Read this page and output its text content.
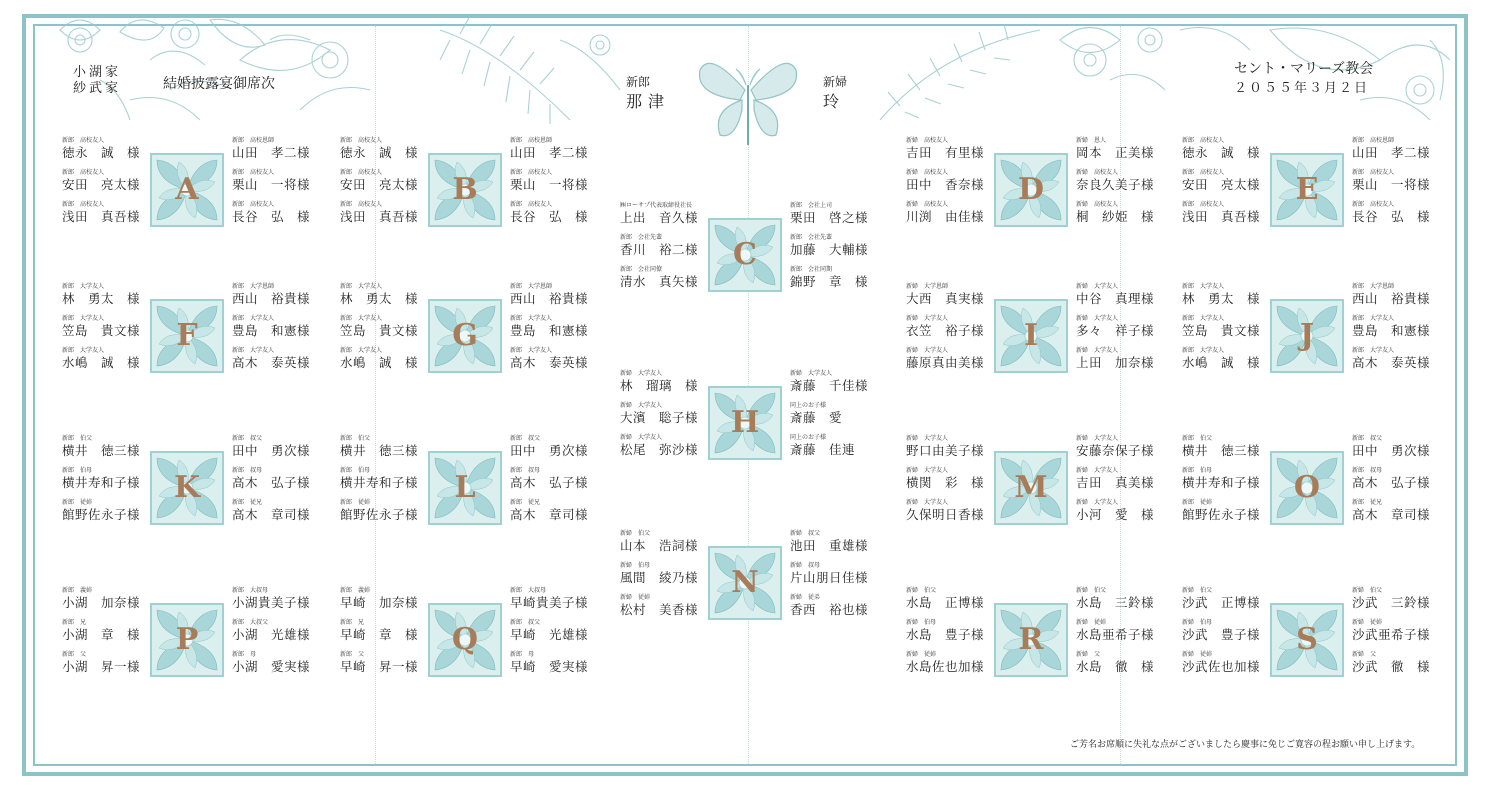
小湖家
紗武家	結婚披露宴御席次	新郎
那津
新婦
玲
セント・マリーズ教会
２０５５年３月２日
新郎　高校友人
徳永　誠　様
新郎　高校友人
安田　亮太様
新郎　高校友人
浅田　真吾様
新郎　高校恩師
山田　孝二様
新郎　高校友人
栗山　一将様
新郎　高校友人
長谷　弘　様
A
新郎　高校友人
徳永　誠　様
新郎　高校友人
安田　亮太様
新郎　高校友人
浅田　真吾様
新郎　高校恩師
山田　孝二様
新郎　高校友人
栗山　一将様
新郎　高校友人
長谷　弘　様
B	㈱ローサプ代表取締役社長
上出　音久様
新郎　会社先輩
香川　裕二様
新郎　会社同僚
清水　真矢様
新郎　会社上司
栗田　啓之様
新郎　会社先輩
加藤　大輔様
新郎　会社同期
錦野　章　様
C
新婦　高校友人
吉田　有里様
新婦　高校友人
田中　香奈様
新婦　高校友人
川渕　由佳様
新婦　恩人
岡本　正美様
新婦　高校友人
奈良久美子様
新婦　高校友人
桐　紗姫　様
D
新郎　高校友人
徳永　誠　様
新郎　高校友人
安田　亮太様
新郎　高校友人
浅田　真吾様
新郎　高校恩師
山田　孝二様
新郎　高校友人
栗山　一将様
新郎　高校友人
長谷　弘　様
E
新郎　大学友人
林　勇太　様
新郎　大学友人
笠島　貴文様
新郎　大学友人
水嶋　誠　様
新郎　大学恩師
西山　裕貴様
新郎　大学友人
豊島　和憲様
新郎　大学友人
高木　泰英様
F
新郎　大学友人
林　勇太　様
新郎　大学友人
笠島　貴文様
新郎　大学友人
水嶋　誠　様
新郎　大学恩師
西山　裕貴様
新郎　大学友人
豊島　和憲様
新郎　大学友人
高木　泰英様
G
新婦　大学友人
林　瑠璃　様
新婦　大学友人
大濱　聡子様
新婦　大学友人
松尾　弥沙様
新婦　大学友人
斎藤　千佳様
同上のお子様
斎藤　愛
同上のお子様
斎藤　佳連
H
新婦　大学恩師
大西　真実様
新婦　大学友人
衣笠　裕子様
新婦　大学友人
藤原真由美様
新婦　大学友人
中谷　真理様
新婦　大学友人
多々　祥子様
新婦　大学友人
上田　加奈様
I
新郎　大学友人
林　勇太　様
新郎　大学友人
笠島　貴文様
新郎　大学友人
水嶋　誠　様
新郎　大学恩師
西山　裕貴様
新郎　大学友人
豊島　和憲様
新郎　大学友人
高木　泰英様
J
新郎　伯父
横井　徳三様
新郎　伯母
横井寿和子様
新郎　従姉
館野佐永子様
新郎　叔父
田中　勇次様
新郎　叔母
高木　弘子様
新郎　従兄
高木　章司様
K
新郎　伯父
横井　徳三様
新郎　伯母
横井寿和子様
新郎　従姉
館野佐永子様
新郎　叔父
田中　勇次様
新郎　叔母
高木　弘子様
新郎　従兄
高木　章司様
L
新婦　大学友人
野口由美子様
新婦　大学友人
横関　彩　様
新婦　大学友人
久保明日香様
新婦　大学友人
安藤奈保子様
新婦　大学友人
吉田　真美様
新婦　大学友人
小河　愛　様
M
新婦　伯父
山本　浩詞様
新婦　伯母
風間　綾乃様
新婦　従姉
松村　美香様
新婦　叔父
池田　重雄様
新婦　叔母
片山朋日佳様
新婦　従弟
香西　裕也様
N
新郎　伯父
横井　徳三様
新郎　伯母
横井寿和子様
新郎　従姉
館野佐永子様
新郎　叔父
田中　勇次様
新郎　叔母
高木　弘子様
新郎　従兄
高木　章司様
O
新郎　義姉
小湖　加奈様
新郎　兄
小湖　章　様
新郎　父
小湖　昇一様
新郎　大叔母
小湖貴美子様
新郎　大叔父
小湖　光雄様
新郎　母
小湖　愛実様
P
新郎　義姉
早崎　加奈様
新郎　兄
早崎　章　様
新郎　父
早崎　昇一様
新郎　大叔母
早崎貴美子様
新郎　叔父
早崎　光雄様
新郎　母
早崎　愛実様
Q
新婦　伯父
水島　正博様
新婦　伯母
水島　豊子様
新婦　従姉
水島佐也加様
新婦　伯父
水島　三鈴様
新婦　従姉
水島亜希子様
新婦　父
水島　徹　様
R
新婦　伯父
沙武　正博様
新婦　伯母
沙武　豊子様
新婦　従姉
沙武佐也加様
新婦　伯父
沙武　三鈴様
新婦　従姉
沙武亜希子様
新婦　父
沙武　徹　様
S
ご芳名お席順に失礼な点がございましたら慶事に免じご寛容の程お願い申し上げます。
